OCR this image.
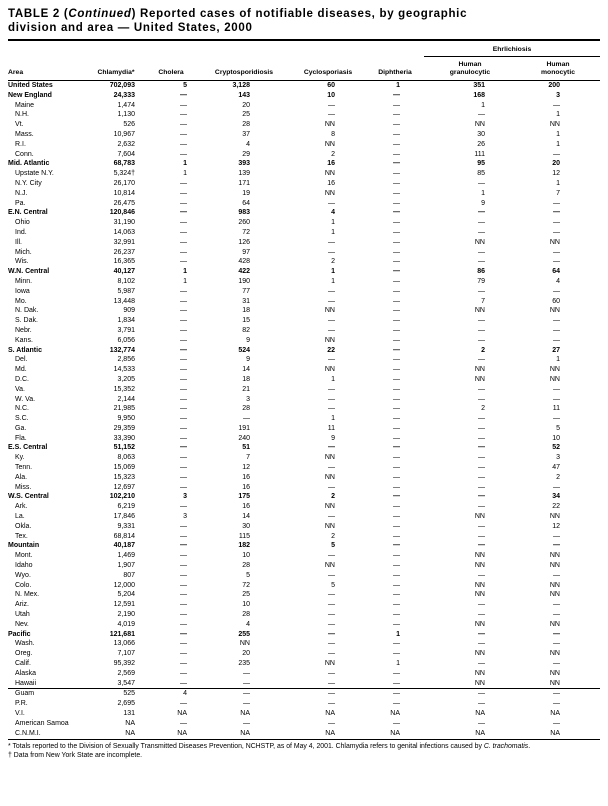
TABLE 2 (Continued) Reported cases of notifiable diseases, by geographic
division and area — United States, 2000
						Ehrlichiosis	
Area	Chlamydia*	Cholera	Cryptosporidiosis	Cyclosporiasis	Diphtheria	Human
granulocytic	Human
monocytic

United States	702,093	5	3,128	60	1	351	200
New England	24,333	—	143	10	—	168	3
Maine	1,474	—	20	—	—	1	—
N.H.	1,130	—	25	—	—	—	1
Vt.	526	—	28	NN	—	NN	NN
Mass.	10,967	—	37	8	—	30	1
R.I.	2,632	—	4	NN	—	26	1
Conn.	7,604	—	29	2	—	111	—
Mid. Atlantic	68,783	1	393	16	—	95	20
Upstate N.Y.	5,324†	1	139	NN	—	85	12
N.Y. City	26,170	—	171	16	—	—	1
N.J.	10,814	—	19	NN	—	1	7
Pa.	26,475	—	64	—	—	9	—
E.N. Central	120,846	—	983	4	—	—	—
Ohio	31,190	—	260	1	—	—	—
Ind.	14,063	—	72	1	—	—	—
Ill.	32,991	—	126	—	—	NN	NN
Mich.	26,237	—	97	—	—	—	—
Wis.	16,365	—	428	2	—	—	—
W.N. Central	40,127	1	422	1	—	86	64
Minn.	8,102	1	190	1	—	79	4
Iowa	5,987	—	77	—	—	—	—
Mo.	13,448	—	31	—	—	7	60
N. Dak.	909	—	18	NN	—	NN	NN
S. Dak.	1,834	—	15	—	—	—	—
Nebr.	3,791	—	82	—	—	—	—
Kans.	6,056	—	9	NN	—	—	—
S. Atlantic	132,774	—	524	22	—	2	27
Del.	2,856	—	9	—	—	—	1
Md.	14,533	—	14	NN	—	NN	NN
D.C.	3,205	—	18	1	—	NN	NN
Va.	15,352	—	21	—	—	—	—
W. Va.	2,144	—	3	—	—	—	—
N.C.	21,985	—	28	—	—	2	11
S.C.	9,950	—	—	1	—	—	—
Ga.	29,359	—	191	11	—	—	5
Fla.	33,390	—	240	9	—	—	10
E.S. Central	51,152	—	51	—	—	—	52
Ky.	8,063	—	7	NN	—	—	3
Tenn.	15,069	—	12	—	—	—	47
Ala.	15,323	—	16	NN	—	—	2
Miss.	12,697	—	16	—	—	—	—
W.S. Central	102,210	3	175	2	—	—	34
Ark.	6,219	—	16	NN	—	—	22
La.	17,846	3	14	—	—	NN	NN
Okla.	9,331	—	30	NN	—	—	12
Tex.	68,814	—	115	2	—	—	—
Mountain	40,187	—	182	5	—	—	—
Mont.	1,469	—	10	—	—	NN	NN
Idaho	1,907	—	28	NN	—	NN	NN
Wyo.	807	—	5	—	—	—	—
Colo.	12,000	—	72	5	—	NN	NN
N. Mex.	5,204	—	25	—	—	NN	NN
Ariz.	12,591	—	10	—	—	—	—
Utah	2,190	—	28	—	—	—	—
Nev.	4,019	—	4	—	—	NN	NN
Pacific	121,681	—	255	—	1	—	—
Wash.	13,066	—	NN	—	—	—	—
Oreg.	7,107	—	20	—	—	NN	NN
Calif.	95,392	—	235	NN	1	—	—
Alaska	2,569	—	—	—	—	NN	NN
Hawaii	3,547	—	—	—	—	NN	NN
Guam	525	4	—	—	—	—	—
P.R.	2,695	—	—	—	—	—	—
V.I.	131	NA	NA	NA	NA	NA	NA
American Samoa	NA	—	—	—	—	—	—
C.N.M.I.	NA	NA	NA	NA	NA	NA	NA
* Totals reported to the Division of Sexually Transmitted Diseases Prevention, NCHSTP, as of May 4, 2001. Chlamydia refers to genital infections caused by C. trachomatis.
† Data from New York State are incomplete.
